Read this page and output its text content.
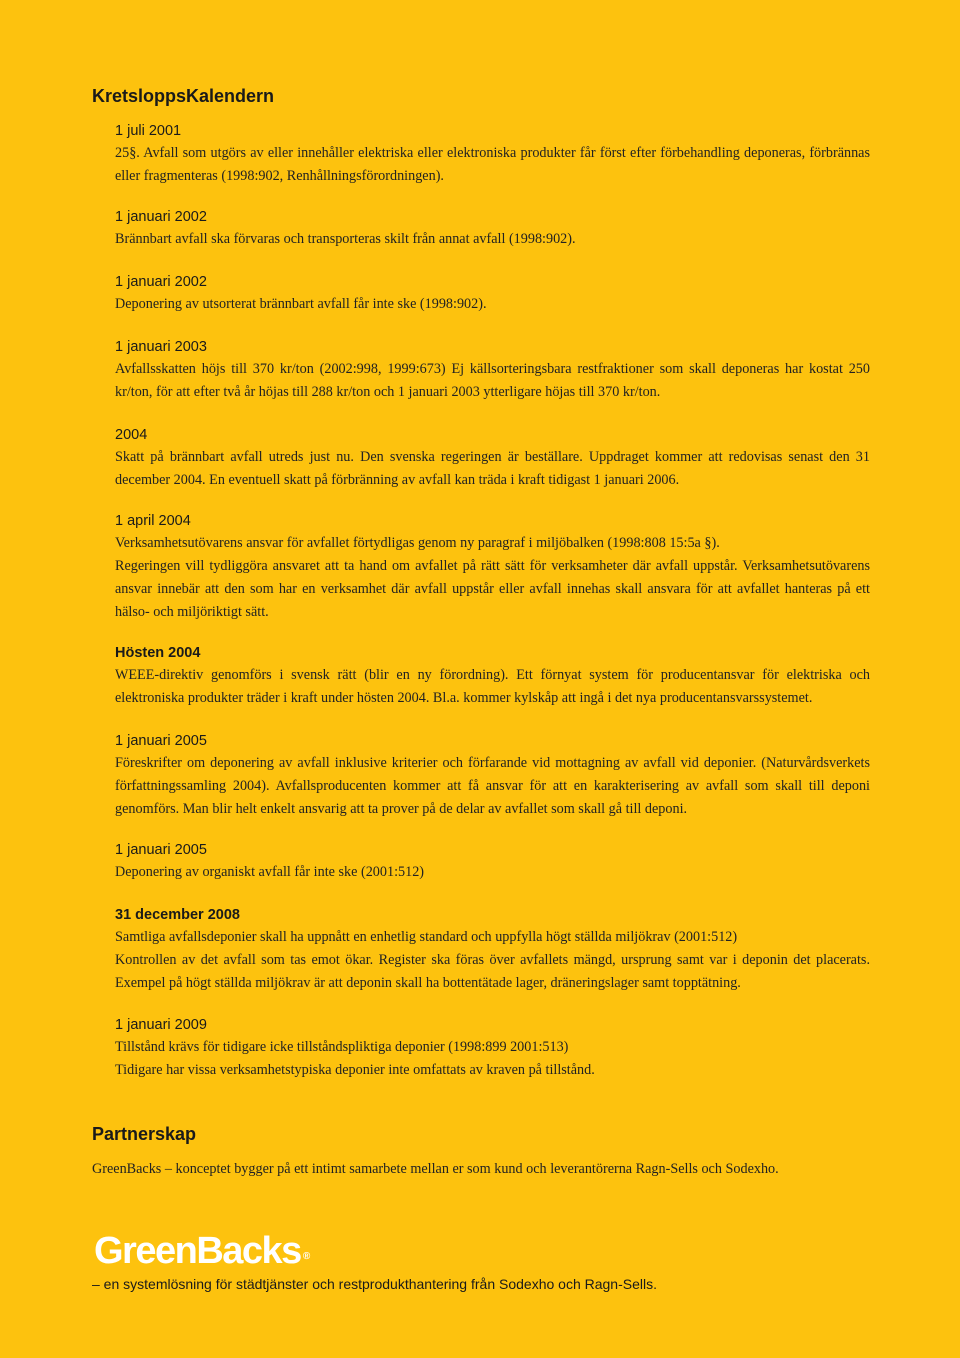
KretsloppsKalendern
1 juli 2001

25§. Avfall som utgörs av eller innehåller elektriska eller elektroniska produkter får först efter förbehandling deponeras, förbrännas eller fragmenteras (1998:902, Renhållningsförordningen).

1 januari 2002

Brännbart avfall ska förvaras och transporteras skilt från annat avfall (1998:902).

1 januari 2002

Deponering av utsorterat brännbart avfall får inte ske (1998:902).

1 januari 2003

Avfallsskatten höjs till 370 kr/ton (2002:998, 1999:673) Ej källsorteringsbara restfraktioner som skall deponeras har kostat 250 kr/ton, för att efter två år höjas till 288 kr/ton och 1 januari 2003 ytterligare höjas till 370 kr/ton.

2004

Skatt på brännbart avfall utreds just nu. Den svenska regeringen är beställare. Uppdraget kommer att redovisas senast den 31 december 2004. En eventuell skatt på förbränning av avfall kan träda i kraft tidigast 1 januari 2006.

1 april 2004

Verksamhetsutövarens ansvar för avfallet förtydligas genom ny paragraf i miljöbalken (1998:808 15:5a §).

Regeringen vill tydliggöra ansvaret att ta hand om avfallet på rätt sätt för verksamheter där avfall uppstår. Verksamhetsutövarens ansvar innebär att den som har en verksamhet där avfall uppstår eller avfall innehas skall ansvara för att avfallet hanteras på ett hälso- och miljöriktigt sätt.

Hösten 2004

WEEE-direktiv genomförs i svensk rätt (blir en ny förordning). Ett förnyat system för producentansvar för elektriska och elektroniska produkter träder i kraft under hösten 2004. Bl.a. kommer kylskåp att ingå i det nya producentansvarssystemet.

1 januari 2005

Föreskrifter om deponering av avfall inklusive kriterier och förfarande vid mottagning av avfall vid deponier. (Naturvårdsverkets författningssamling 2004). Avfallsproducenten kommer att få ansvar för att en karakterisering av avfall som skall till deponi genomförs. Man blir helt enkelt ansvarig att ta prover på de delar av avfallet som skall gå till deponi.

1 januari 2005

Deponering av organiskt avfall får inte ske (2001:512)

31 december 2008

Samtliga avfallsdeponier skall ha uppnått en enhetlig standard och uppfylla högt ställda miljökrav (2001:512)

Kontrollen av det avfall som tas emot ökar. Register ska föras över avfallets mängd, ursprung samt var i deponin det placerats. Exempel på högt ställda miljökrav är att deponin skall ha bottentätade lager, dräneringslager samt topptätning.

1 januari 2009

Tillstånd krävs för tidigare icke tillståndspliktiga deponier (1998:899 2001:513)

Tidigare har vissa verksamhetstypiska deponier inte omfattats av kraven på tillstånd.

Partnerskap

GreenBacks – konceptet bygger på ett intimt samarbete mellan er som kund och leverantörerna Ragn-Sells och Sodexho.

GreenBacks ®
– en systemlösning för städtjänster och restprodukthantering från Sodexho och Ragn-Sells.
